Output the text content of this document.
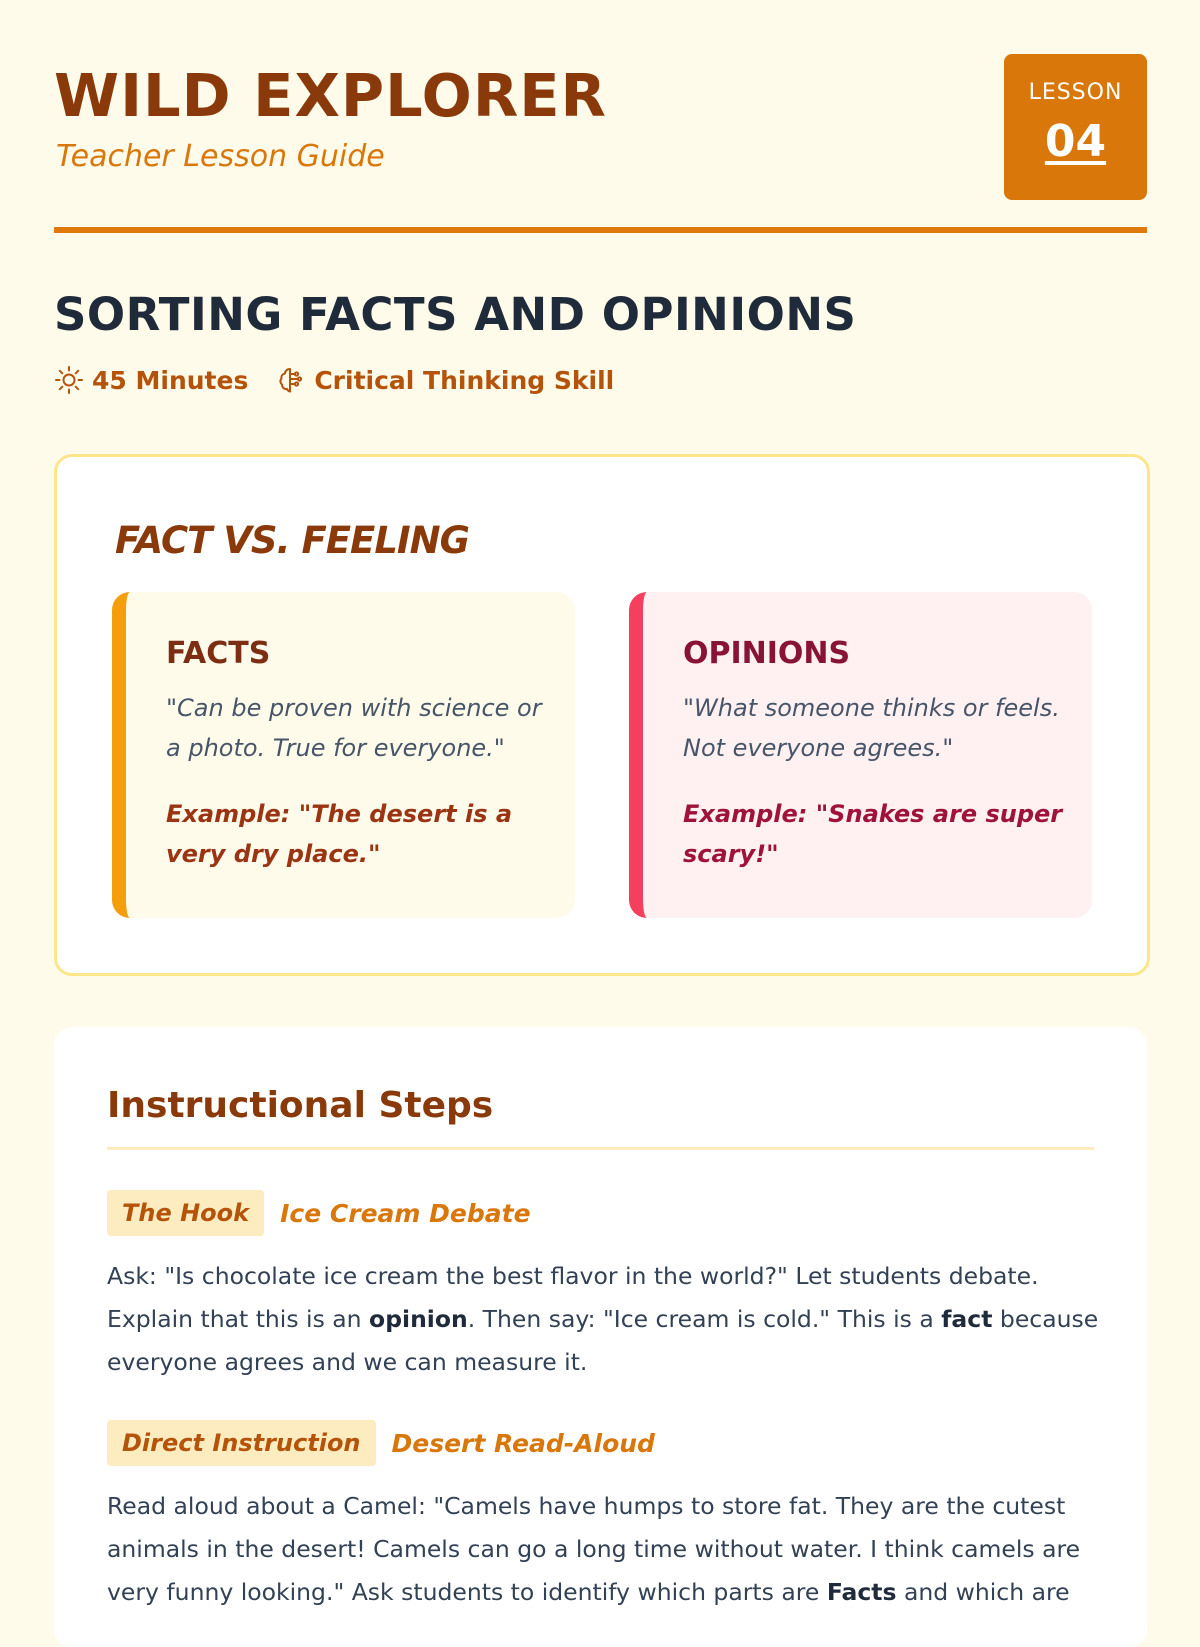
WILD EXPLORER

Teacher Lesson Guide

LESSON
04
SORTING FACTS AND OPINIONS
45 Minutes	Critical Thinking Skill
FACT VS. FEELING
FACTS

"Can be proven with science or a photo. True for everyone."

Example: "The desert is a very dry place."

OPINIONS

"What someone thinks or feels. Not everyone agrees."

Example: "Snakes are super scary!"

Instructional Steps
The Hook	Ice Cream Debate

Ask: "Is chocolate ice cream the best flavor in the world?" Let students debate. Explain that this is an opinion. Then say: "Ice cream is cold." This is a fact because everyone agrees and we can measure it.

Direct Instruction	Desert Read-Aloud

Read aloud about a Camel: "Camels have humps to store fat. They are the cutest animals in the desert! Camels can go a long time without water. I think camels are very funny looking." Ask students to identify which parts are Facts and which are
